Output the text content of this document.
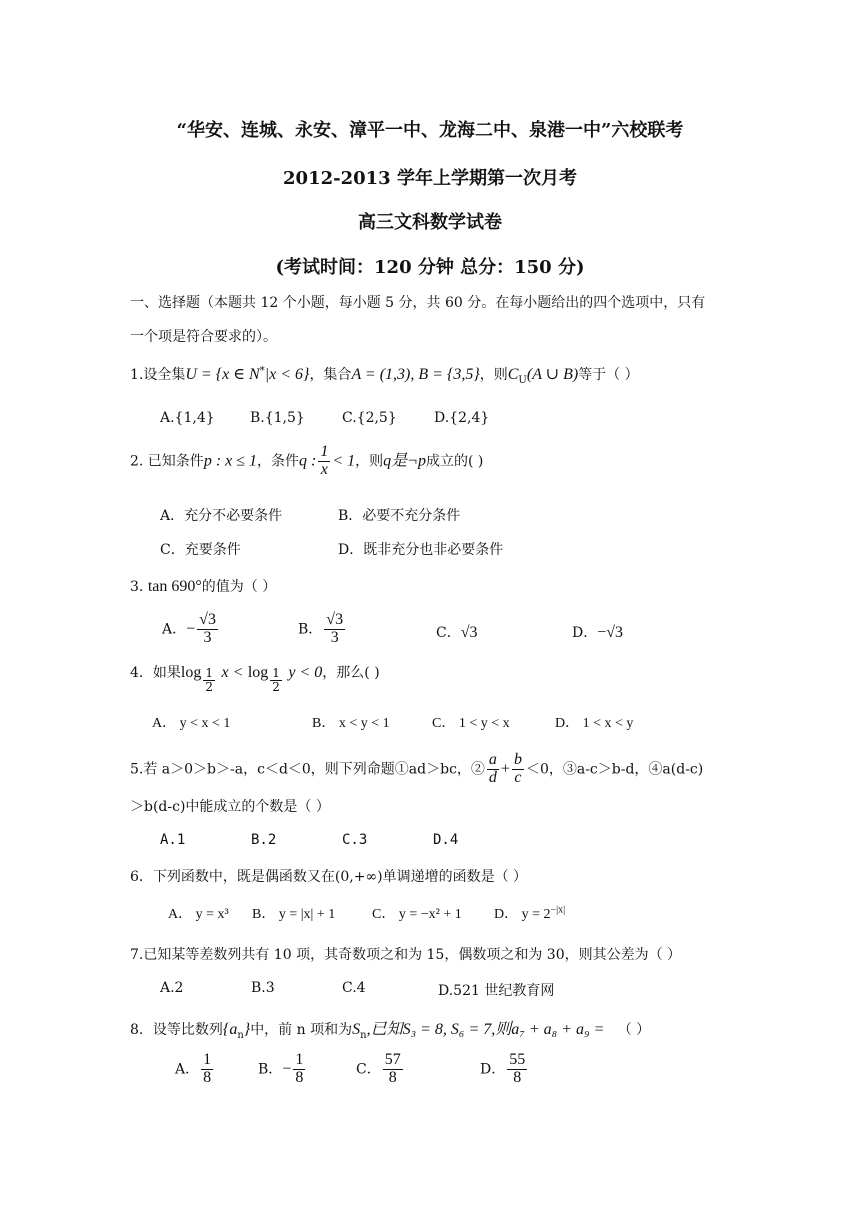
“华安、连城、永安、漳平一中、龙海二中、泉港一中”六校联考
2012-2013 学年上学期第一次月考
高三文科数学试卷
(考试时间：120 分钟 总分：150 分)
一、选择题（本题共 12 个小题，每小题 5 分，共 60 分。在每小题给出的四个选项中，只有
一个项是符合要求的）。
1.设全集U = {x ∈ N*|x < 6}，集合A = (1,3), B = {3,5}，则$C_U(A$ ∪ B)等于（ ）
A.{1,4}	B.{1,5}	C.{2,5}	D.{2,4}
2. 已知条件p : x ≤ 1，条件q : $\frac{1}{x} < 1$，则q是¬p成立的( )
A．充分不必要条件	B．必要不充分条件
C．充要条件	D．既非充分也非必要条件
3. tan 690°的值为（ ）
A．− $\frac{√3}{3}$	B． $\frac{√3}{3}$	C．√3	D．−√3
4．如果$\log \frac{1}{2}$ $x < \log \frac{1}{2}$ y < 0，那么( )
A． y < x < 1	B． x < y < 1	C． 1 < y < x	D． 1 < x < y
5.若 a＞0＞b＞-a，c＜d＜0，则下列命题①ad＞bc，② $\frac{a}{d} + \frac{b}{c} <0$，③a-c＞b-d，④a(d-c)
＞b(d-c)中能成立的个数是（ ）
A.1	B.2	C.3	D.4
6．下列函数中，既是偶函数又在(0,+∞)单调递增的函数是（ ）
A． y = x³ B． y = |x| + 1	C． y = −x² + 1 D． $y = 2^{-|x|}$
7.已知某等差数列共有 10 项，其奇数项之和为 15，偶数项之和为 30，则其公差为（ ）
A.2	B.3	C.4	D.521 世纪教育网
8．设等比数列$\{a_n\}$中，前 n 项和为$S_n$,已知S₃ = 8, S₆ = 7,则a₇ + a₈ + a₉ = （ ）
A． $\frac{1}{8}$	B．− $\frac{1}{8}$	C． $\frac{57}{8}$	D． $\frac{55}{8}$
